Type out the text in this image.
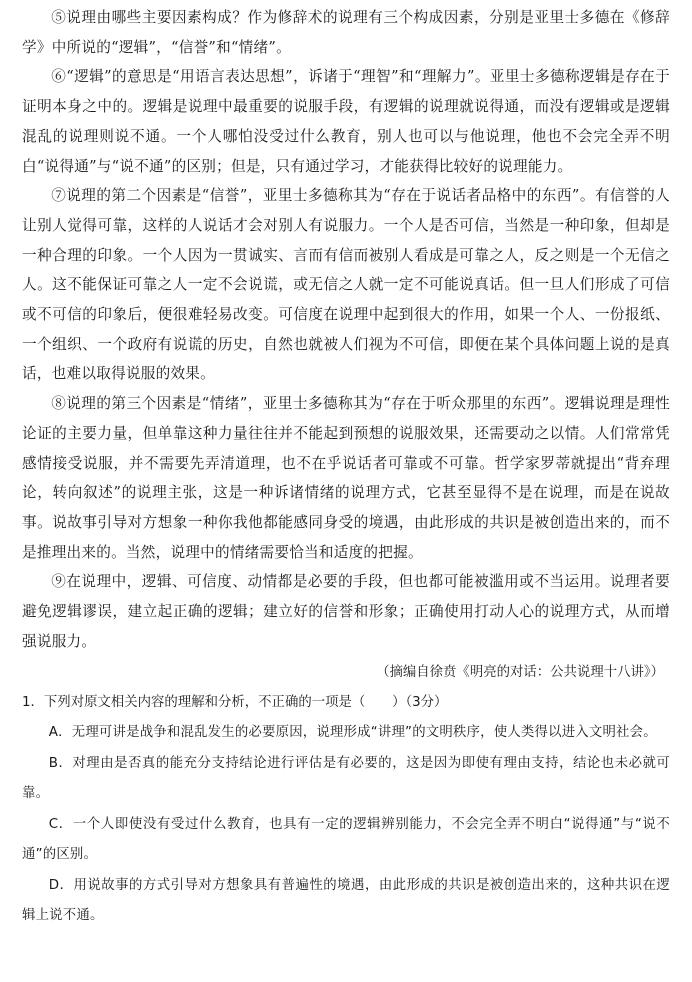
⑤说理由哪些主要因素构成？作为修辞术的说理有三个构成因素，分别是亚里士多德在《修辞学》中所说的“逻辑”，“信誉”和“情绪”。

⑥“逻辑”的意思是“用语言表达思想”，诉诸于“理智”和“理解力”。亚里士多德称逻辑是存在于证明本身之中的。逻辑是说理中最重要的说服手段，有逻辑的说理就说得通，而没有逻辑或是逻辑混乱的说理则说不通。一个人哪怕没受过什么教育，别人也可以与他说理，他也不会完全弄不明白“说得通”与“说不通”的区别；但是，只有通过学习，才能获得比较好的说理能力。

⑦说理的第二个因素是“信誉”，亚里士多德称其为“存在于说话者品格中的东西”。有信誉的人让别人觉得可靠，这样的人说话才会对别人有说服力。一个人是否可信，当然是一种印象，但却是一种合理的印象。一个人因为一贯诚实、言而有信而被别人看成是可靠之人，反之则是一个无信之人。这不能保证可靠之人一定不会说谎，或无信之人就一定不可能说真话。但一旦人们形成了可信或不可信的印象后，便很难轻易改变。可信度在说理中起到很大的作用，如果一个人、一份报纸、一个组织、一个政府有说谎的历史，自然也就被人们视为不可信，即便在某个具体问题上说的是真话，也难以取得说服的效果。

⑧说理的第三个因素是“情绪”，亚里士多德称其为“存在于听众那里的东西”。逻辑说理是理性论证的主要力量，但单靠这种力量往往并不能起到预想的说服效果，还需要动之以情。人们常常凭感情接受说服，并不需要先弄清道理，也不在乎说话者可靠或不可靠。哲学家罗蒂就提出“背弃理论，转向叙述”的说理主张，这是一种诉诸情绪的说理方式，它甚至显得不是在说理，而是在说故事。说故事引导对方想象一种你我他都能感同身受的境遇，由此形成的共识是被创造出来的，而不是推理出来的。当然，说理中的情绪需要恰当和适度的把握。

⑨在说理中，逻辑、可信度、动情都是必要的手段，但也都可能被滥用或不当运用。说理者要避免逻辑谬误，建立起正确的逻辑；建立好的信誉和形象；正确使用打动人心的说理方式，从而增强说服力。

（摘编自徐贲《明亮的对话：公共说理十八讲》）

1．下列对原文相关内容的理解和分析，不正确的一项是（　　）（3分）

A．无理可讲是战争和混乱发生的必要原因，说理形成“讲理”的文明秩序，使人类得以进入文明社会。

B．对理由是否真的能充分支持结论进行评估是有必要的，这是因为即使有理由支持，结论也未必就可靠。

C．一个人即使没有受过什么教育，也具有一定的逻辑辨别能力，不会完全弄不明白“说得通”与“说不通”的区别。

D．用说故事的方式引导对方想象具有普遍性的境遇，由此形成的共识是被创造出来的，这种共识在逻辑上说不通。
